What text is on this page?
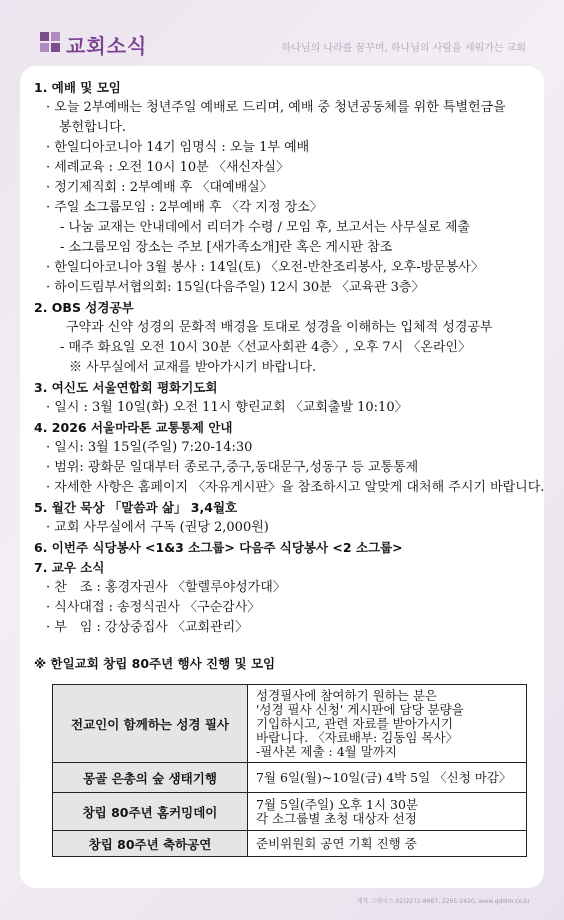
교회소식	하나님의 나라를 꿈꾸며, 하나님의 사람을 세워가는 교회
1. 예배 및 모임
· 오늘 2부예배는 청년주일 예배로 드리며, 예배 중 청년공동체를 위한 특별헌금을
봉헌합니다.
· 한일디아코니아 14기 임명식 : 오늘 1부 예배
· 세례교육 : 오전 10시 10분 〈새신자실〉
· 정기제직회 : 2부예배 후 〈대예배실〉
· 주일 소그룹모임 : 2부예배 후 〈각 지정 장소〉
- 나눔 교재는 안내데에서 리더가 수령 / 모임 후, 보고서는 사무실로 제출
- 소그룹모임 장소는 주보 [새가족소개]란 혹은 게시판 참조
· 한일디아코니아 3월 봉사 : 14일(토) 〈오전-반찬조리봉사, 오후-방문봉사〉
· 하이드림부서협의회: 15일(다음주일) 12시 30분 〈교육관 3층〉
2. OBS 성경공부
구약과 신약 성경의 문화적 배경을 토대로 성경을 이해하는 입체적 성경공부
- 매주 화요일 오전 10시 30분〈선교사회관 4층〉, 오후 7시 〈온라인〉
※ 사무실에서 교재를 받아가시기 바랍니다.
3. 여신도 서울연합회 평화기도회
· 일시 : 3월 10일(화) 오전 11시 향린교회 〈교회출발 10:10〉
4. 2026 서울마라톤 교통통제 안내
· 일시: 3월 15일(주일) 7:20-14:30
· 범위: 광화문 일대부터 종로구,중구,동대문구,성동구 등 교통통제
· 자세한 사항은 홈페이지 〈자유게시판〉을 참조하시고 알맞게 대처해 주시기 바랍니다.
5. 월간 묵상 「말씀과 삶」 3,4월호
· 교회 사무실에서 구독 (권당 2,000원)
6. 이번주 식당봉사 <1&3 소그룹> 다음주 식당봉사 <2 소그룹>
7. 교우 소식
· 찬　조 : 홍경자권사 〈할렐루야성가대〉
· 식사대접 : 송정식권사 〈구순감사〉
· 부　임 : 강상중집사 〈교회관리〉
※ 한일교회 창립 80주년 행사 진행 및 모임
전교인이 함께하는 성경 필사	성경필사에 참여하기 원하는 분은
'성경 필사 신청' 게시판에 담당 분량을
기입하시고, 관련 자료를 받아가시기
바랍니다. 〈자료배부: 김동임 목사〉
-필사본 제출 : 4월 말까지

몽골 은총의 숲 생태기행	7월 6일(월)~10일(금) 4박 5일 〈신청 마감〉

창립 80주년 홈커밍데이	7월 5일(주일) 오후 1시 30분
각 소그룹별 초청 대상자 선정

창립 80주년 축하공연	준비위원회 공연 기획 진행 중
제작 그레이스 02)2272-8667, 2265-2420, www.gdolm.co.kr
